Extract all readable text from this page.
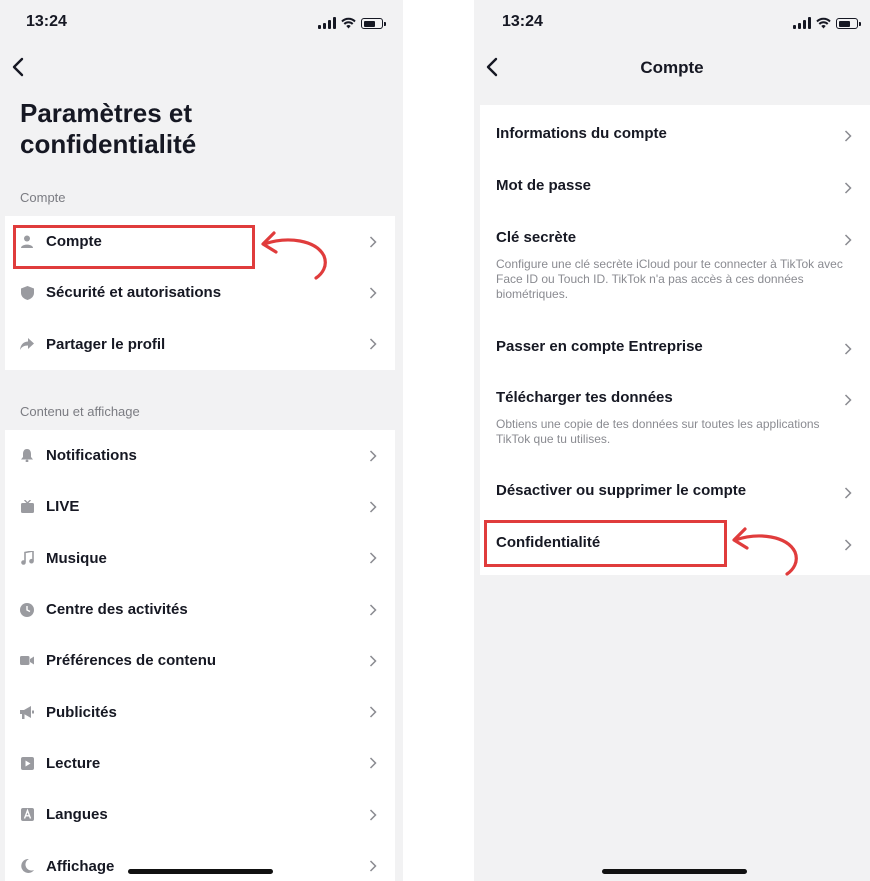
13:24
Paramètres et
confidentialité
Compte
Compte
Sécurité et autorisations
Partager le profil
Contenu et affichage
Notifications
LIVE
Musique
Centre des activités
Préférences de contenu
Publicités
Lecture
Langues
Affichage
13:24
Compte
Informations du compte
Mot de passe
Clé secrète
Configure une clé secrète iCloud pour te connecter à TikTok avec Face ID ou Touch ID. TikTok n'a pas accès à ces données biométriques.
Passer en compte Entreprise
Télécharger tes données
Obtiens une copie de tes données sur toutes les applications TikTok que tu utilises.
Désactiver ou supprimer le compte
Confidentialité
